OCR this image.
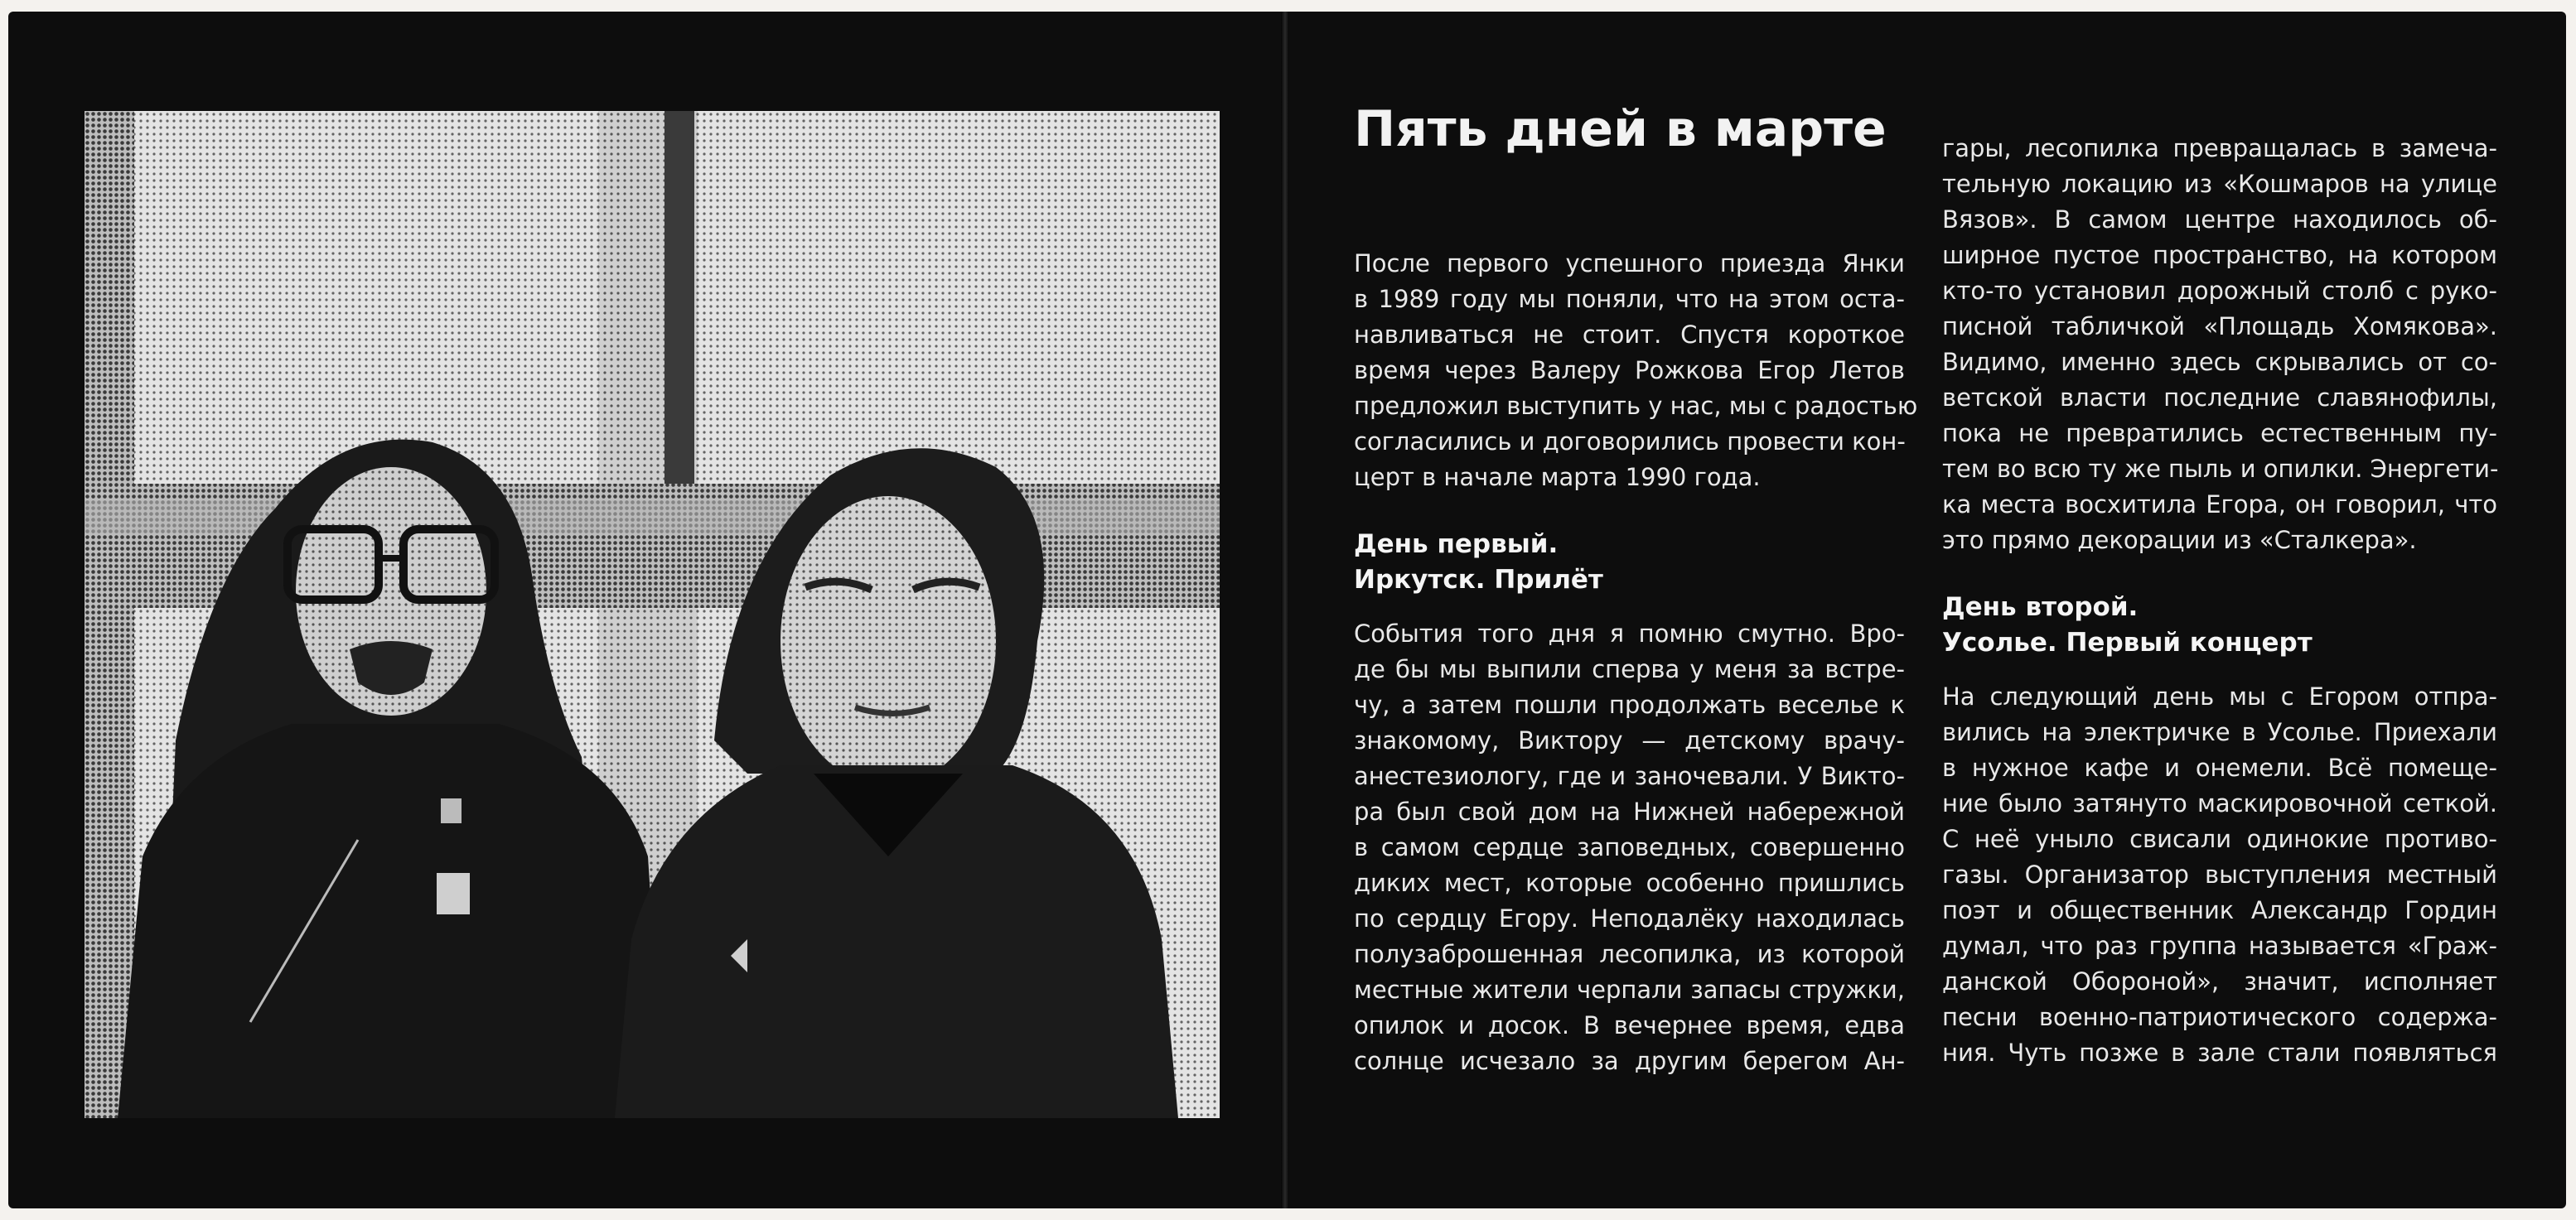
Пять дней в марте
После первого успешного приезда Янки
в 1989 году мы поняли, что на этом оста-
навливаться не стоит. Спустя короткое
время через Валеру Рожкова Егор Летов
предложил выступить у нас, мы с радостью
согласились и договорились провести кон-
церт в начале марта 1990 года.
День первый.
Иркутск. Прилёт
События того дня я помню смутно. Вро-
де бы мы выпили сперва у меня за встре-
чу, а затем пошли продолжать веселье к
знакомому, Виктору — детскому врачу-
анестезиологу, где и заночевали. У Викто-
ра был свой дом на Нижней набережной
в самом сердце заповедных, совершенно
диких мест, которые особенно пришлись
по сердцу Егору. Неподалёку находилась
полузаброшенная лесопилка, из которой
местные жители черпали запасы стружки,
опилок и досок. В вечернее время, едва
солнце исчезало за другим берегом Ан-
гары, лесопилка превращалась в замеча-
тельную локацию из «Кошмаров на улице
Вязов». В самом центре находилось об-
ширное пустое пространство, на котором
кто-то установил дорожный столб с руко-
писной табличкой «Площадь Хомякова».
Видимо, именно здесь скрывались от со-
ветской власти последние славянофилы,
пока не превратились естественным пу-
тем во всю ту же пыль и опилки. Энергети-
ка места восхитила Егора, он говорил, что
это прямо декорации из «Сталкера».
День второй.
Усолье. Первый концерт
На следующий день мы с Егором отпра-
вились на электричке в Усолье. Приехали
в нужное кафе и онемели. Всё помеще-
ние было затянуто маскировочной сеткой.
С неё уныло свисали одинокие противо-
газы. Организатор выступления местный
поэт и общественник Александр Гордин
думал, что раз группа называется «Граж-
данской Обороной», значит, исполняет
песни военно-патриотического содержа-
ния. Чуть позже в зале стали появляться
